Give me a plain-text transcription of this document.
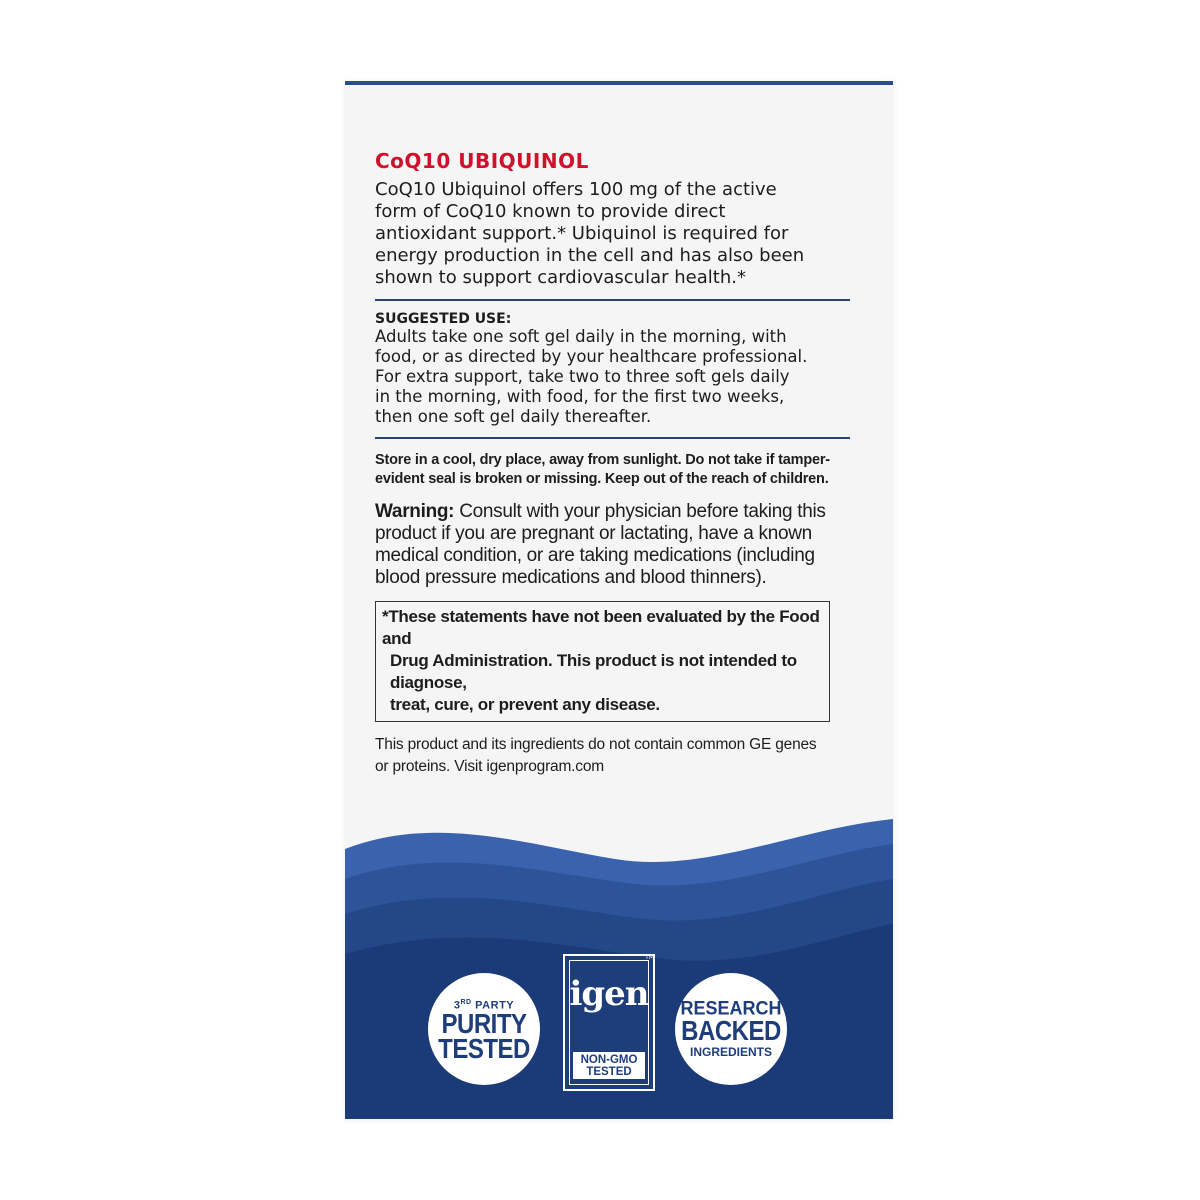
CoQ10 UBIQUINOL

CoQ10 Ubiquinol offers 100 mg of the active
form of CoQ10 known to provide direct
antioxidant support.* Ubiquinol is required for
energy production in the cell and has also been
shown to support cardiovascular health.*

SUGGESTED USE:

Adults take one soft gel daily in the morning, with
food, or as directed by your healthcare professional.
For extra support, take two to three soft gels daily
in the morning, with food, for the first two weeks,
then one soft gel daily thereafter.

Store in a cool, dry place, away from sunlight. Do not take if tamper-
evident seal is broken or missing. Keep out of the reach of children.

Warning: Consult with your physician before taking this
product if you are pregnant or lactating, have a known
medical condition, or are taking medications (including
blood pressure medications and blood thinners).

*These statements have not been evaluated by the Food and

Drug Administration. This product is not intended to diagnose,
treat, cure, or prevent any disease.

This product and its ingredients do not contain common GE genes
or proteins. Visit igenprogram.com

3RD PARTY
PURITY
TESTED
TM
igen
NON-GMO
TESTED
RESEARCH
BACKED
INGREDIENTS
